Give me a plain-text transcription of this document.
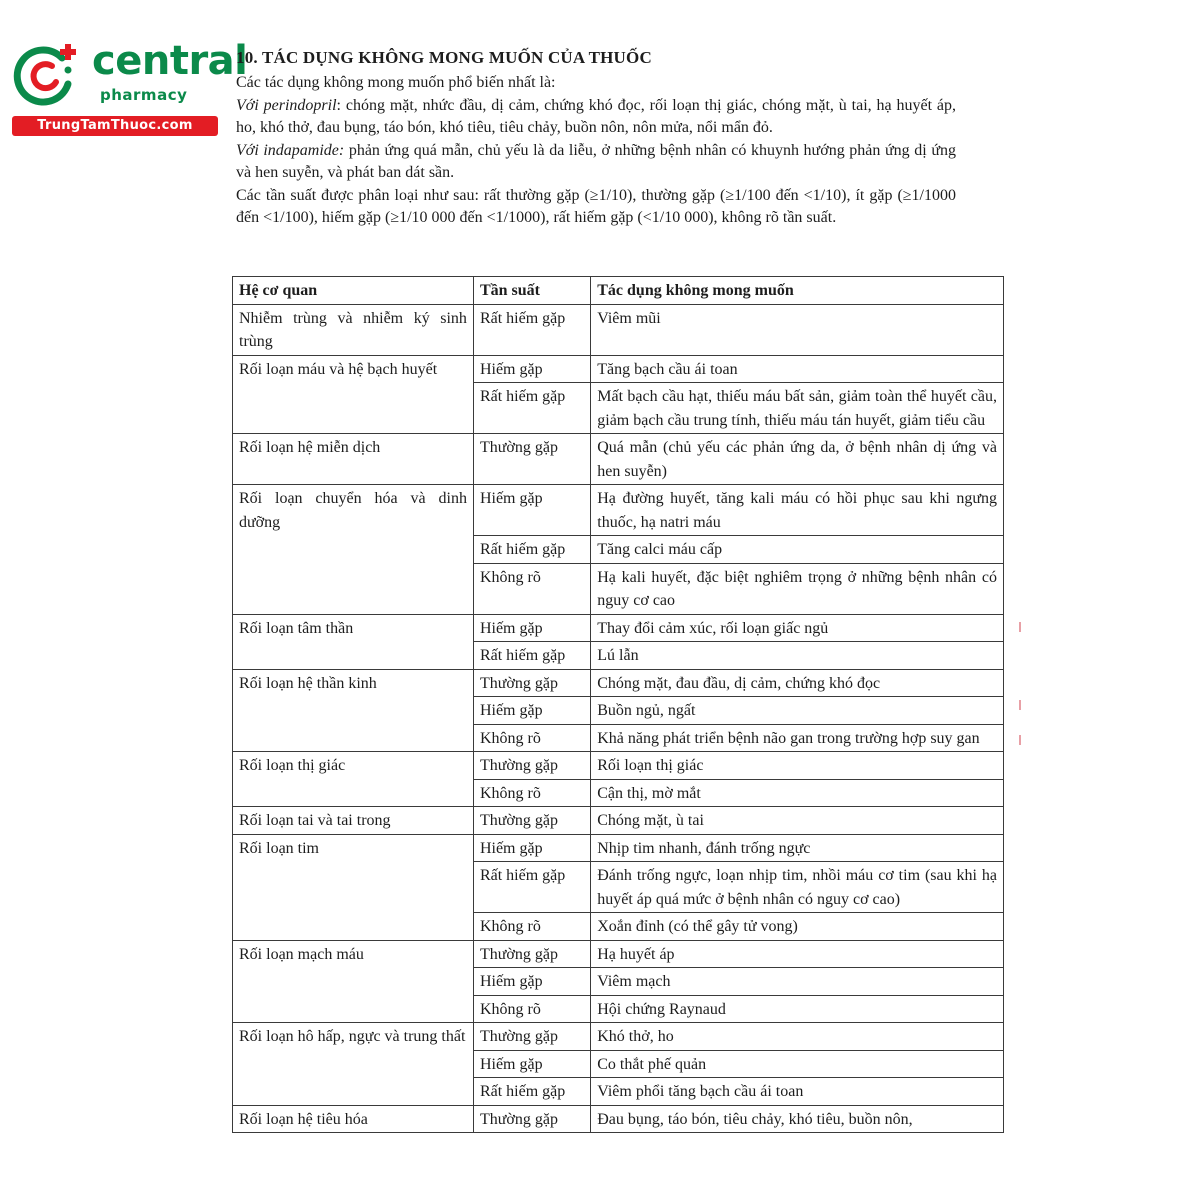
central
pharmacy
TrungTamThuoc.com
10. TÁC DỤNG KHÔNG MONG MUỐN CỦA THUỐC

Các tác dụng không mong muốn phổ biến nhất là:

Với perindopril: chóng mặt, nhức đầu, dị cảm, chứng khó đọc, rối loạn thị giác, chóng mặt, ù tai, hạ huyết áp, ho, khó thở, đau bụng, táo bón, khó tiêu, tiêu chảy, buồn nôn, nôn mửa, nổi mẩn đỏ.

Với indapamide: phản ứng quá mẫn, chủ yếu là da liễu, ở những bệnh nhân có khuynh hướng phản ứng dị ứng và hen suyễn, và phát ban dát sần.

Các tần suất được phân loại như sau: rất thường gặp (≥1/10), thường gặp (≥1/100 đến <1/10), ít gặp (≥1/1000 đến <1/100), hiếm gặp (≥1/10 000 đến <1/1000), rất hiếm gặp (<1/10 000), không rõ tần suất.

Hệ cơ quan	Tần suất	Tác dụng không mong muốn
Nhiễm trùng và nhiễm ký sinh trùng	Rất hiếm gặp	Viêm mũi
Rối loạn máu và hệ bạch huyết	Hiếm gặp	Tăng bạch cầu ái toan
	Rất hiếm gặp	Mất bạch cầu hạt, thiếu máu bất sản, giảm toàn thể huyết cầu, giảm bạch cầu trung tính, thiếu máu tán huyết, giảm tiểu cầu
Rối loạn hệ miễn dịch	Thường gặp	Quá mẫn (chủ yếu các phản ứng da, ở bệnh nhân dị ứng và hen suyễn)
Rối loạn chuyển hóa và dinh dưỡng	Hiếm gặp	Hạ đường huyết, tăng kali máu có hồi phục sau khi ngưng thuốc, hạ natri máu
	Rất hiếm gặp	Tăng calci máu cấp
	Không rõ	Hạ kali huyết, đặc biệt nghiêm trọng ở những bệnh nhân có nguy cơ cao
Rối loạn tâm thần	Hiếm gặp	Thay đổi cảm xúc, rối loạn giấc ngủ
	Rất hiếm gặp	Lú lẫn
Rối loạn hệ thần kinh	Thường gặp	Chóng mặt, đau đầu, dị cảm, chứng khó đọc
	Hiếm gặp	Buồn ngủ, ngất
	Không rõ	Khả năng phát triển bệnh não gan trong trường hợp suy gan
Rối loạn thị giác	Thường gặp	Rối loạn thị giác
	Không rõ	Cận thị, mờ mắt
Rối loạn tai và tai trong	Thường gặp	Chóng mặt, ù tai
Rối loạn tim	Hiếm gặp	Nhịp tim nhanh, đánh trống ngực
	Rất hiếm gặp	Đánh trống ngực, loạn nhịp tim, nhồi máu cơ tim (sau khi hạ huyết áp quá mức ở bệnh nhân có nguy cơ cao)
	Không rõ	Xoắn đỉnh (có thể gây tử vong)
Rối loạn mạch máu	Thường gặp	Hạ huyết áp
	Hiếm gặp	Viêm mạch
	Không rõ	Hội chứng Raynaud
Rối loạn hô hấp, ngực và trung thất	Thường gặp	Khó thở, ho
	Hiếm gặp	Co thắt phế quản
	Rất hiếm gặp	Viêm phổi tăng bạch cầu ái toan
Rối loạn hệ tiêu hóa	Thường gặp	Đau bụng, táo bón, tiêu chảy, khó tiêu, buồn nôn,
